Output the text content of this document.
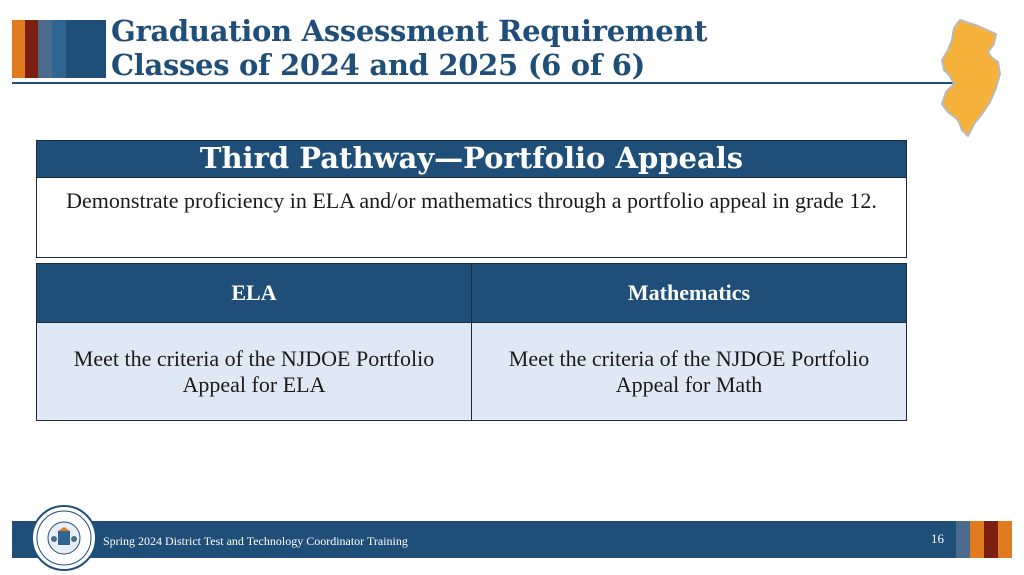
Graduation Assessment Requirement
Classes of 2024 and 2025 (6 of 6)
Third Pathway—Portfolio Appeals
Demonstrate proficiency in ELA and/or mathematics through a portfolio appeal in grade 12.
ELA	Mathematics
Meet the criteria of the NJDOE Portfolio Appeal for ELA	Meet the criteria of the NJDOE Portfolio Appeal for Math
Spring 2024 District Test and Technology Coordinator Training	16
